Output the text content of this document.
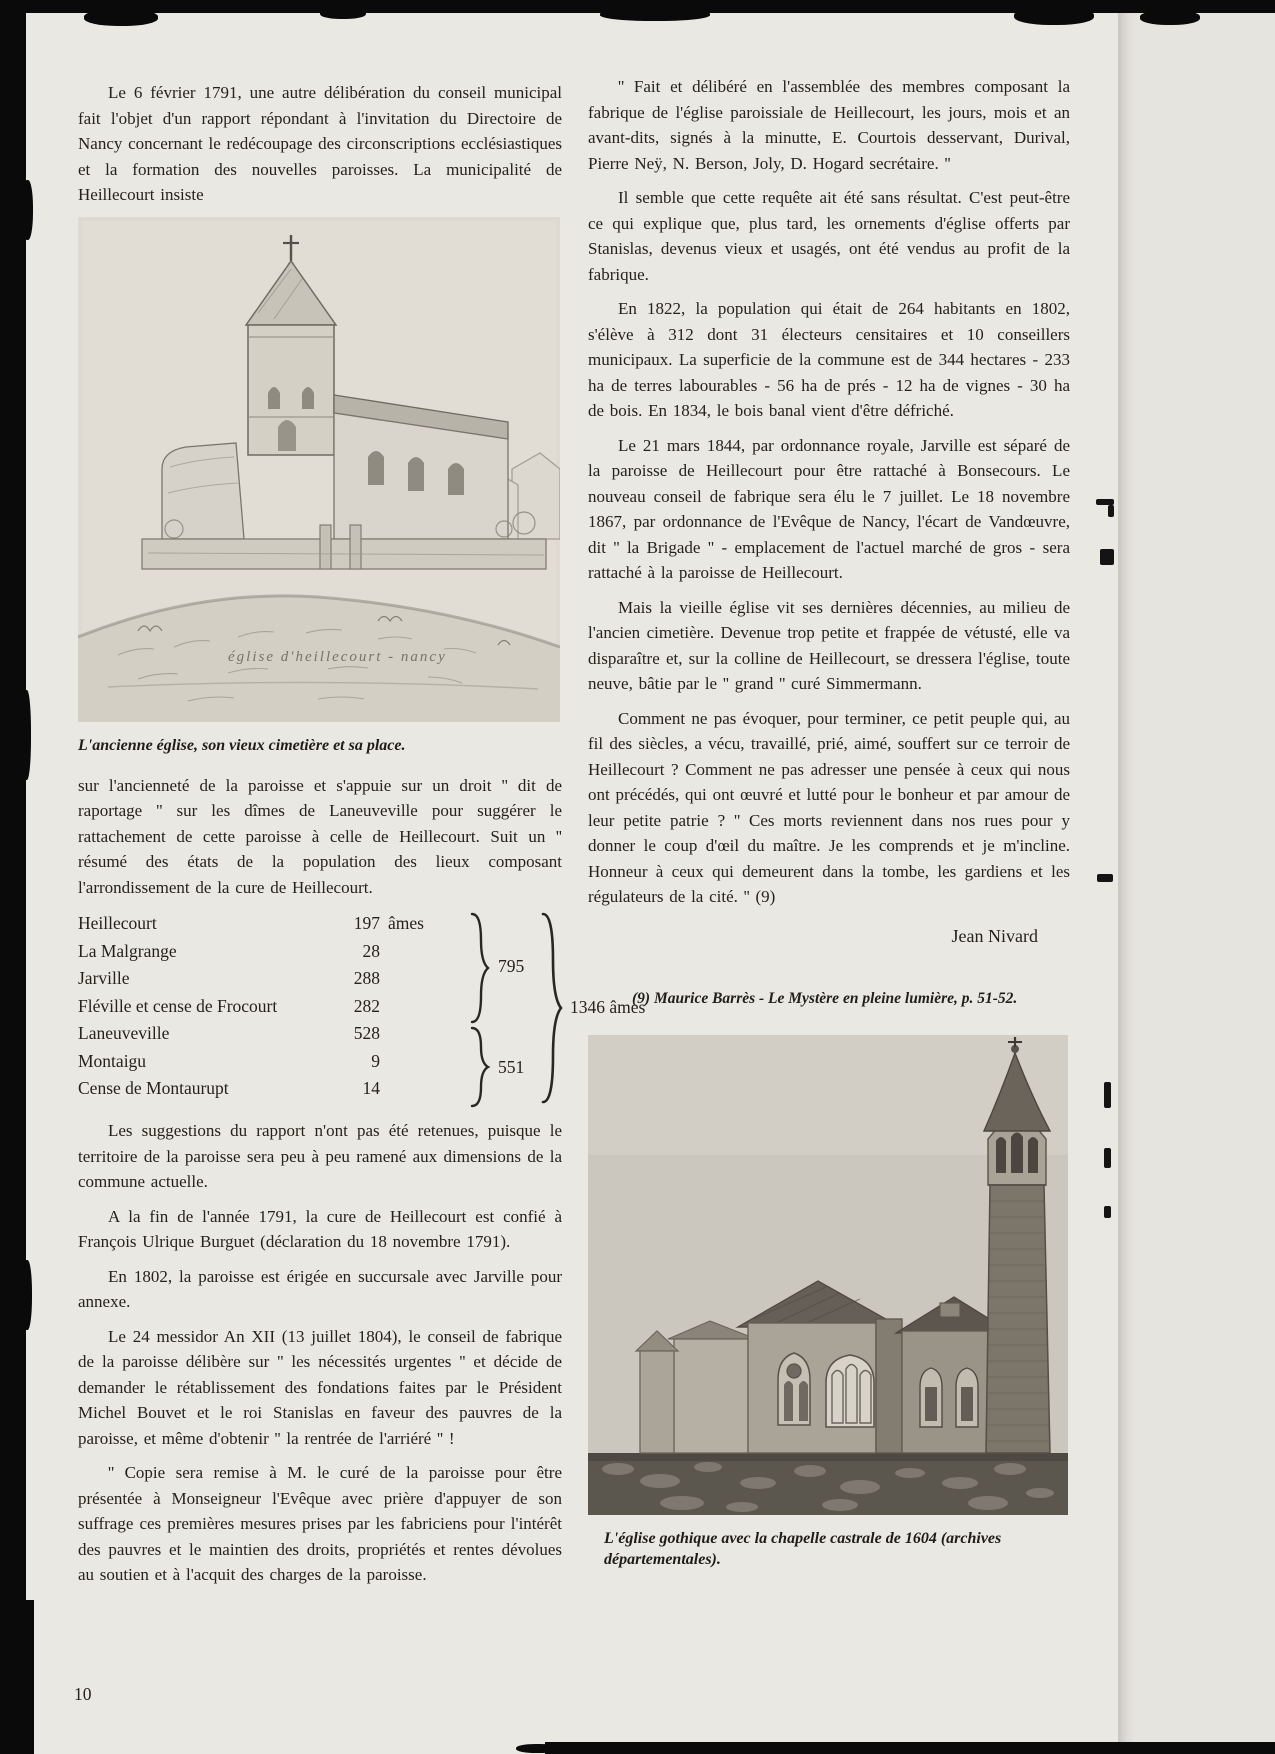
Le 6 février 1791, une autre délibération du conseil municipal fait l'objet d'un rapport répondant à l'invitation du Directoire de Nancy concernant le redécoupage des circonscriptions ecclésiastiques et la formation des nouvelles paroisses. La municipalité de Heillecourt insiste

église d'heillecourt - nancy
L'ancienne église, son vieux cimetière et sa place.

sur l'ancienneté de la paroisse et s'appuie sur un droit '' dit de raportage '' sur les dîmes de Laneuveville pour suggérer le rattachement de cette paroisse à celle de Heillecourt. Suit un '' résumé des états de la population des lieux composant l'arrondissement de la cure de Heillecourt.

Heillecourt	197 âmes
La Malgrange	28
Jarville	288
Fléville et cense de Frocourt	282
Laneuveville	528
Montaigu	9
Cense de Montaurupt	14
795
551
1346 âmes

Les suggestions du rapport n'ont pas été retenues, puisque le territoire de la paroisse sera peu à peu ramené aux dimensions de la commune actuelle.

A la fin de l'année 1791, la cure de Heillecourt est confié à François Ulrique Burguet (déclaration du 18 novembre 1791).

En 1802, la paroisse est érigée en succursale avec Jarville pour annexe.

Le 24 messidor An XII (13 juillet 1804), le conseil de fabrique de la paroisse délibère sur '' les nécessités urgentes '' et décide de demander le rétablissement des fondations faites par le Président Michel Bouvet et le roi Stanislas en faveur des pauvres de la paroisse, et même d'obtenir '' la rentrée de l'arriéré '' !

'' Copie sera remise à M. le curé de la paroisse pour être présentée à Monseigneur l'Evêque avec prière d'appuyer de son suffrage ces premières mesures prises par les fabriciens pour l'intérêt des pauvres et le maintien des droits, propriétés et rentes dévolues au soutien et à l'acquit des charges de la paroisse.

'' Fait et délibéré en l'assemblée des membres composant la fabrique de l'église paroissiale de Heillecourt, les jours, mois et an avant-dits, signés à la minutte, E. Courtois desservant, Durival, Pierre Neÿ, N. Berson, Joly, D. Hogard secrétaire. ''

Il semble que cette requête ait été sans résultat. C'est peut-être ce qui explique que, plus tard, les ornements d'église offerts par Stanislas, devenus vieux et usagés, ont été vendus au profit de la fabrique.

En 1822, la population qui était de 264 habitants en 1802, s'élève à 312 dont 31 électeurs censitaires et 10 conseillers municipaux. La superficie de la commune est de 344 hectares - 233 ha de terres labourables - 56 ha de prés - 12 ha de vignes - 30 ha de bois. En 1834, le bois banal vient d'être défriché.

Le 21 mars 1844, par ordonnance royale, Jarville est séparé de la paroisse de Heillecourt pour être rattaché à Bonsecours. Le nouveau conseil de fabrique sera élu le 7 juillet. Le 18 novembre 1867, par ordonnance de l'Evêque de Nancy, l'écart de Vandœuvre, dit '' la Brigade '' - emplacement de l'actuel marché de gros - sera rattaché à la paroisse de Heillecourt.

Mais la vieille église vit ses dernières décennies, au milieu de l'ancien cimetière. Devenue trop petite et frappée de vétusté, elle va disparaître et, sur la colline de Heillecourt, se dressera l'église, toute neuve, bâtie par le '' grand '' curé Simmermann.

Comment ne pas évoquer, pour terminer, ce petit peuple qui, au fil des siècles, a vécu, travaillé, prié, aimé, souffert sur ce terroir de Heillecourt ? Comment ne pas adresser une pensée à ceux qui nous ont précédés, qui ont œuvré et lutté pour le bonheur et par amour de leur petite patrie ? '' Ces morts reviennent dans nos rues pour y donner le coup d'œil du maître. Je les comprends et je m'incline. Honneur à ceux qui demeurent dans la tombe, les gardiens et les régulateurs de la cité. '' (9)

Jean Nivard
(9) Maurice Barrès - Le Mystère en pleine lumière, p. 51-52.
L'église gothique avec la chapelle castrale de 1604 (archives départementales).
10
